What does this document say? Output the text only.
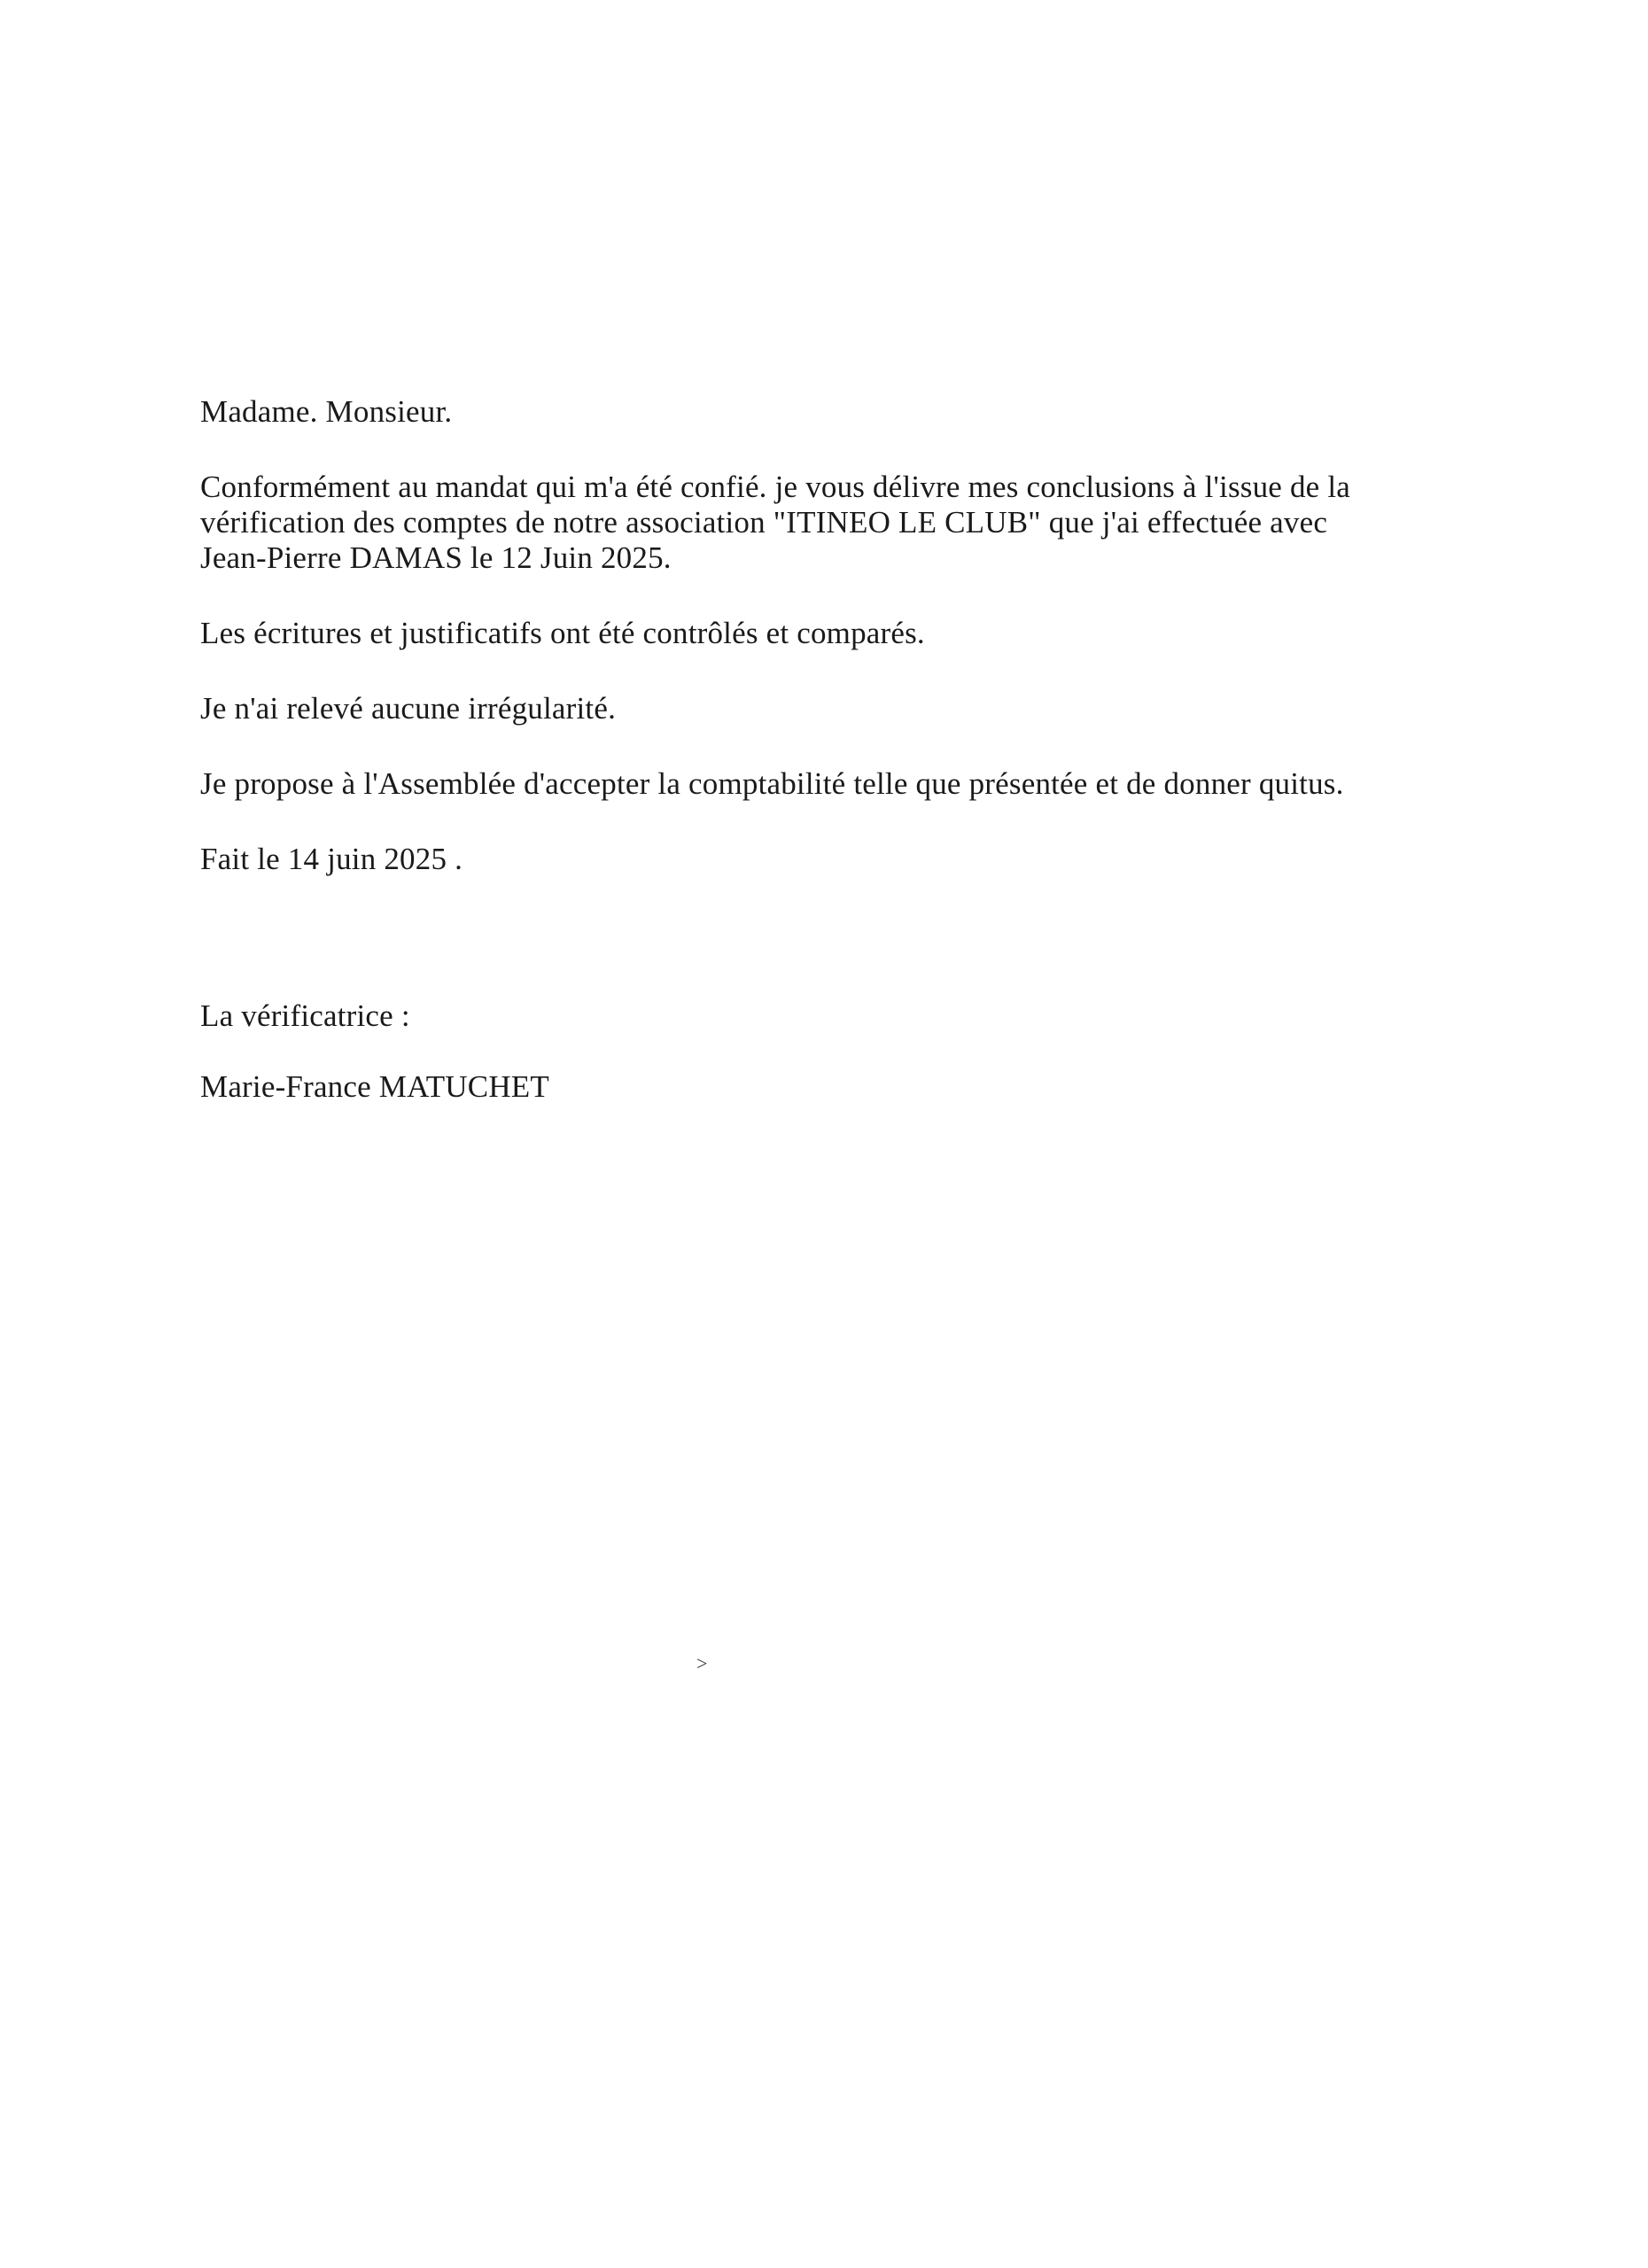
Madame. Monsieur.

Conformément au mandat qui m'a été confié. je vous délivre mes conclusions à l'issue de la

vérification des comptes de notre association "ITINEO LE CLUB" que j'ai effectuée avec

Jean-Pierre DAMAS le 12 Juin 2025.

Les écritures et justificatifs ont été contrôlés et comparés.

Je n'ai relevé aucune irrégularité.

Je propose à l'Assemblée d'accepter la comptabilité telle que présentée et de donner quitus.

Fait le 14 juin 2025 .

La vérificatrice :

Marie-France MATUCHET

>
